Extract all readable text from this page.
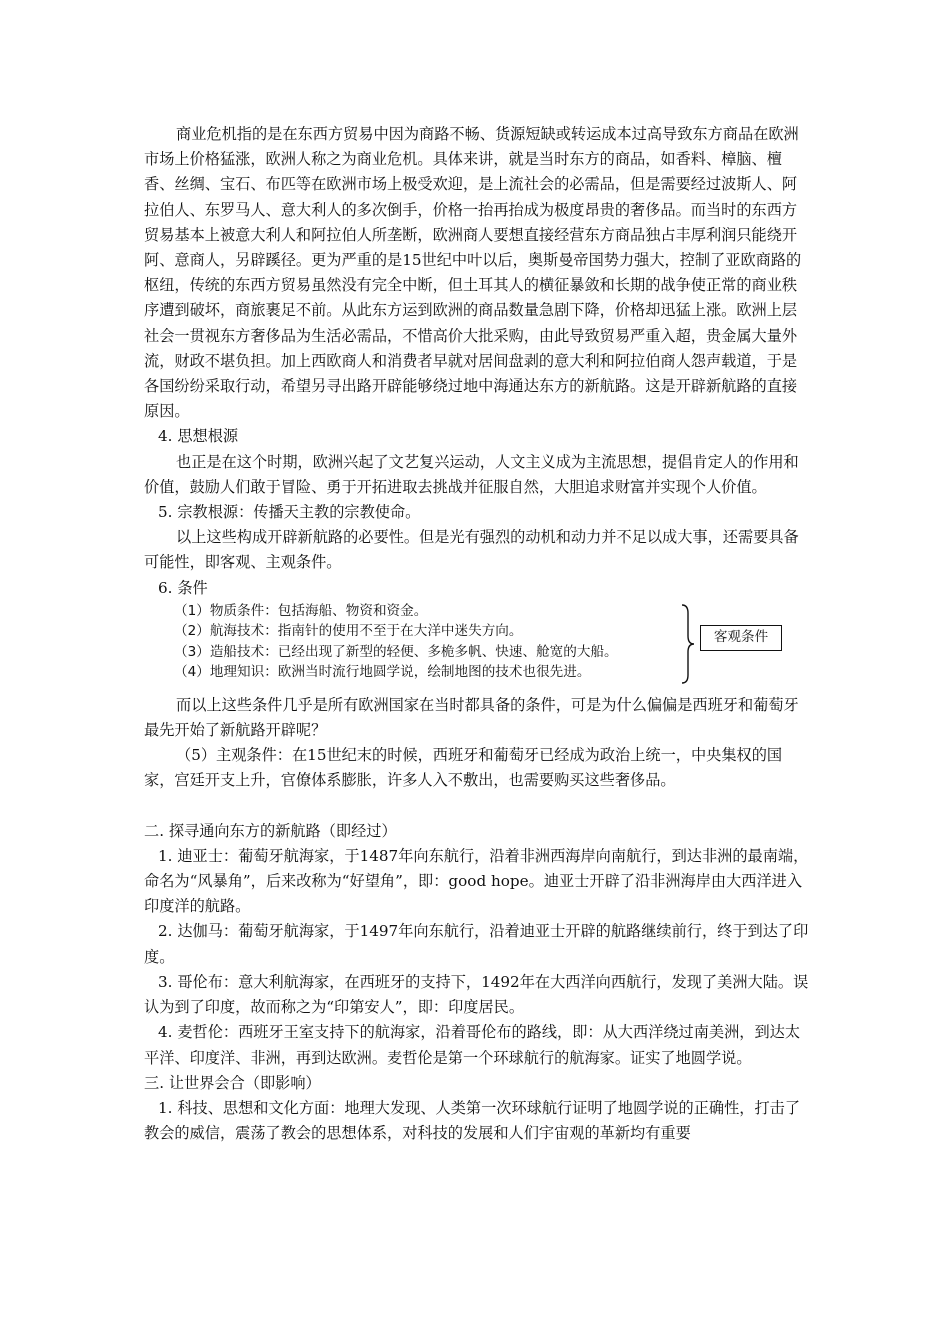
商业危机指的是在东西方贸易中因为商路不畅、货源短缺或转运成本过高导致东方商品在欧洲市场上价格猛涨，欧洲人称之为商业危机。具体来讲，就是当时东方的商品，如香料、樟脑、檀香、丝绸、宝石、布匹等在欧洲市场上极受欢迎，是上流社会的必需品，但是需要经过波斯人、阿拉伯人、东罗马人、意大利人的多次倒手，价格一抬再抬成为极度昂贵的奢侈品。而当时的东西方贸易基本上被意大利人和阿拉伯人所垄断，欧洲商人要想直接经营东方商品独占丰厚利润只能绕开阿、意商人，另辟蹊径。更为严重的是15世纪中叶以后，奥斯曼帝国势力强大，控制了亚欧商路的枢纽，传统的东西方贸易虽然没有完全中断，但土耳其人的横征暴敛和长期的战争使正常的商业秩序遭到破坏，商旅裹足不前。从此东方运到欧洲的商品数量急剧下降，价格却迅猛上涨。欧洲上层社会一贯视东方奢侈品为生活必需品，不惜高价大批采购，由此导致贸易严重入超，贵金属大量外流，财政不堪负担。加上西欧商人和消费者早就对居间盘剥的意大利和阿拉伯商人怨声载道，于是各国纷纷采取行动，希望另寻出路开辟能够绕过地中海通达东方的新航路。这是开辟新航路的直接原因。

4. 思想根源

也正是在这个时期，欧洲兴起了文艺复兴运动，人文主义成为主流思想，提倡肯定人的作用和价值，鼓励人们敢于冒险、勇于开拓进取去挑战并征服自然，大胆追求财富并实现个人价值。

5. 宗教根源：传播天主教的宗教使命。

以上这些构成开辟新航路的必要性。但是光有强烈的动机和动力并不足以成大事，还需要具备可能性，即客观、主观条件。

6. 条件

（1）物质条件：包括海船、物资和资金。
（2）航海技术：指南针的使用不至于在大洋中迷失方向。
（3）造船技术：已经出现了新型的轻便、多桅多帆、快速、舱宽的大船。
（4）地理知识：欧洲当时流行地圆学说，绘制地图的技术也很先进。
客观条件

而以上这些条件几乎是所有欧洲国家在当时都具备的条件，可是为什么偏偏是西班牙和葡萄牙最先开始了新航路开辟呢？

（5）主观条件：在15世纪末的时候，西班牙和葡萄牙已经成为政治上统一，中央集权的国家，宫廷开支上升，官僚体系膨胀，许多人入不敷出，也需要购买这些奢侈品。

二. 探寻通向东方的新航路（即经过）

1. 迪亚士：葡萄牙航海家，于1487年向东航行，沿着非洲西海岸向南航行，到达非洲的最南端，命名为“风暴角”，后来改称为“好望角”，即：good hope。迪亚士开辟了沿非洲海岸由大西洋进入印度洋的航路。

2. 达伽马：葡萄牙航海家，于1497年向东航行，沿着迪亚士开辟的航路继续前行，终于到达了印度。

3. 哥伦布：意大利航海家，在西班牙的支持下，1492年在大西洋向西航行，发现了美洲大陆。误认为到了印度，故而称之为“印第安人”，即：印度居民。

4. 麦哲伦：西班牙王室支持下的航海家，沿着哥伦布的路线，即：从大西洋绕过南美洲，到达太平洋、印度洋、非洲，再到达欧洲。麦哲伦是第一个环球航行的航海家。证实了地圆学说。

三. 让世界会合（即影响）

1. 科技、思想和文化方面：地理大发现、人类第一次环球航行证明了地圆学说的正确性，打击了教会的威信，震荡了教会的思想体系，对科技的发展和人们宇宙观的革新均有重要
